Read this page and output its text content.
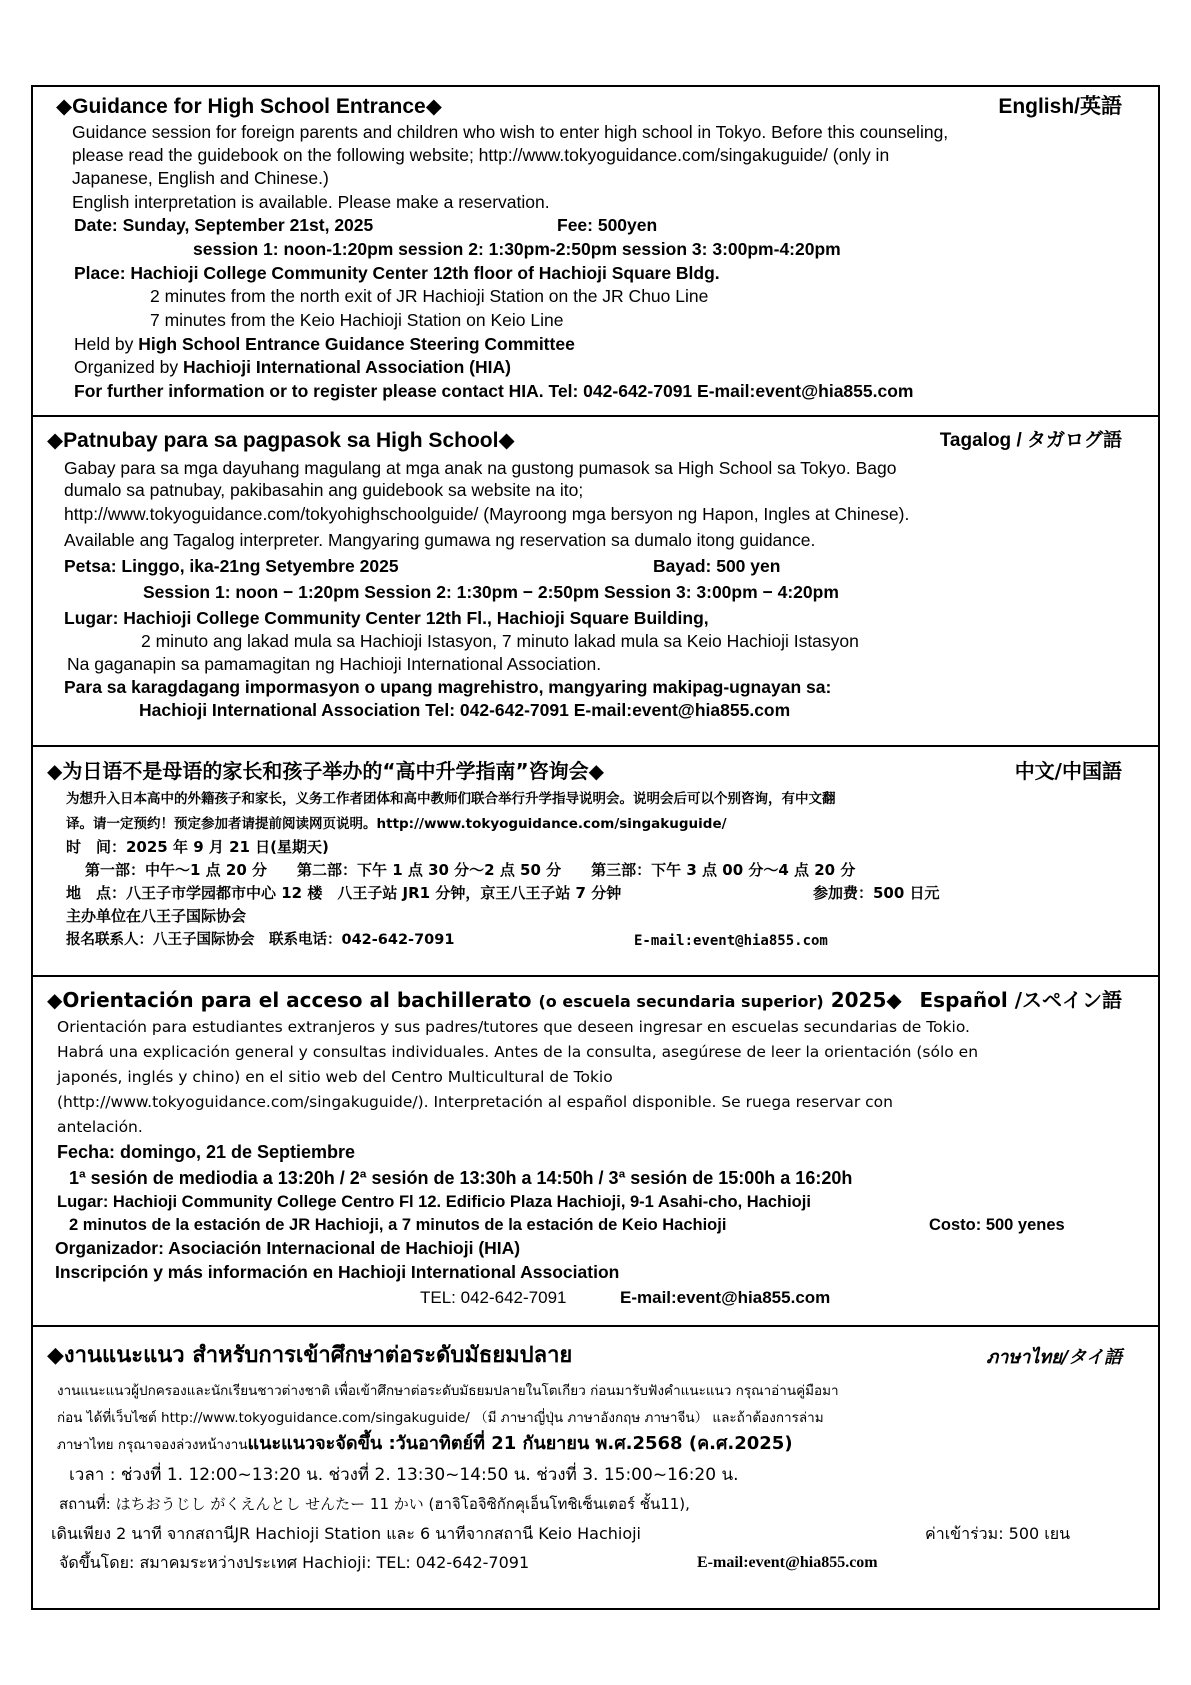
◆Guidance for High School Entrance◆	English/英語
Guidance session for foreign parents and children who wish to enter high school in Tokyo. Before this counseling,
please read the guidebook on the following website; http://www.tokyoguidance.com/singakuguide/ (only in
Japanese, English and Chinese.)
English interpretation is available. Please make a reservation.
Date: Sunday, September 21st, 2025	Fee: 500yen
session 1: noon-1:20pm session 2: 1:30pm-2:50pm session 3: 3:00pm-4:20pm
Place: Hachioji College Community Center 12th floor of Hachioji Square Bldg.
2 minutes from the north exit of JR Hachioji Station on the JR Chuo Line
7 minutes from the Keio Hachioji Station on Keio Line
Held by High School Entrance Guidance Steering Committee
Organized by Hachioji International Association (HIA)
For further information or to register please contact HIA. Tel: 042-642-7091 E-mail:event@hia855.com
◆Patnubay para sa pagpasok sa High School◆	Tagalog / タガログ語
Gabay para sa mga dayuhang magulang at mga anak na gustong pumasok sa High School sa Tokyo. Bago
dumalo sa patnubay, pakibasahin ang guidebook sa website na ito;
http://www.tokyoguidance.com/tokyohighschoolguide/ (Mayroong mga bersyon ng Hapon, Ingles at Chinese).
Available ang Tagalog interpreter. Mangyaring gumawa ng reservation sa dumalo itong guidance.
Petsa: Linggo, ika-21ng Setyembre 2025	Bayad: 500 yen
Session 1: noon − 1:20pm Session 2: 1:30pm − 2:50pm Session 3: 3:00pm − 4:20pm
Lugar: Hachioji College Community Center 12th Fl., Hachioji Square Building,
2 minuto ang lakad mula sa Hachioji Istasyon, 7 minuto lakad mula sa Keio Hachioji Istasyon
Na gaganapin sa pamamagitan ng Hachioji International Association.
Para sa karagdagang impormasyon o upang magrehistro, mangyaring makipag-ugnayan sa:
Hachioji International Association Tel: 042-642-7091 E-mail:event@hia855.com
◆为日语不是母语的家长和孩子举办的“高中升学指南”咨询会◆	中文/中国語
为想升入日本高中的外籍孩子和家长，义务工作者团体和高中教师们联合举行升学指导说明会。说明会后可以个别咨询，有中文翻
译。请一定预约！预定参加者请提前阅读网页说明。http://www.tokyoguidance.com/singakuguide/
时　间：2025 年 9 月 21 日(星期天)
第一部：中午～1 点 20 分　　第二部：下午 1 点 30 分～2 点 50 分　　第三部：下午 3 点 00 分～4 点 20 分
地　点：八王子市学园都市中心 12 楼　八王子站 JR1 分钟，京王八王子站 7 分钟	参加费：500 日元
主办单位在八王子国际协会
报名联系人：八王子国际协会　联系电话：042-642-7091	E-mail:event@hia855.com
◆Orientación para el acceso al bachillerato (o escuela secundaria superior) 2025◆ Español /スペイン語
Orientación para estudiantes extranjeros y sus padres/tutores que deseen ingresar en escuelas secundarias de Tokio.
Habrá una explicación general y consultas individuales. Antes de la consulta, asegúrese de leer la orientación (sólo en
japonés, inglés y chino) en el sitio web del Centro Multicultural de Tokio
(http://www.tokyoguidance.com/singakuguide/). Interpretación al español disponible. Se ruega reservar con
antelación.
Fecha: domingo, 21 de Septiembre
1ª sesión de mediodia a 13:20h / 2ª sesión de 13:30h a 14:50h / 3ª sesión de 15:00h a 16:20h
Lugar: Hachioji Community College Centro Fl 12. Edificio Plaza Hachioji, 9-1 Asahi-cho, Hachioji
2 minutos de la estación de JR Hachioji, a 7 minutos de la estación de Keio Hachioji	Costo: 500 yenes
Organizador: Asociación Internacional de Hachioji (HIA)
Inscripción y más información en Hachioji International Association
TEL: 042-642-7091	E-mail:event@hia855.com
◆งานแนะแนว สำหรับการเข้าศึกษาต่อระดับมัธยมปลาย	ภาษาไทย/タイ語
งานแนะแนวผู้ปกครองและนักเรียนชาวต่างชาติ เพื่อเข้าศึกษาต่อระดับมัธยมปลายในโตเกียว ก่อนมารับฟังคำแนะแนว กรุณาอ่านคู่มือมา
ก่อน ได้ที่เว็บไซต์ http://www.tokyoguidance.com/singakuguide/ （มี ภาษาญี่ปุ่น ภาษาอังกฤษ ภาษาจีน） และถ้าต้องการล่าม
ภาษาไทย กรุณาจองล่วงหน้างานแนะแนวจะจัดขึ้น :วันอาทิตย์ที่ 21 กันยายน พ.ศ.2568 (ค.ศ.2025)
เวลา : ช่วงที่ 1. 12:00~13:20 น. ช่วงที่ 2. 13:30~14:50 น. ช่วงที่ 3. 15:00~16:20 น.
สถานที่: はちおうじし がくえんとし せんたー 11 かい (ฮาจิโอจิซิกักคุเอ็นโทชิเซ็นเตอร์ ชั้น11),
เดินเพียง 2 นาที จากสถานีJR Hachioji Station และ 6 นาทีจากสถานี Keio Hachioji	ค่าเข้าร่วม: 500 เยน
จัดขึ้นโดย: สมาคมระหว่างประเทศ Hachioji: TEL: 042-642-7091	E-mail:event@hia855.com
